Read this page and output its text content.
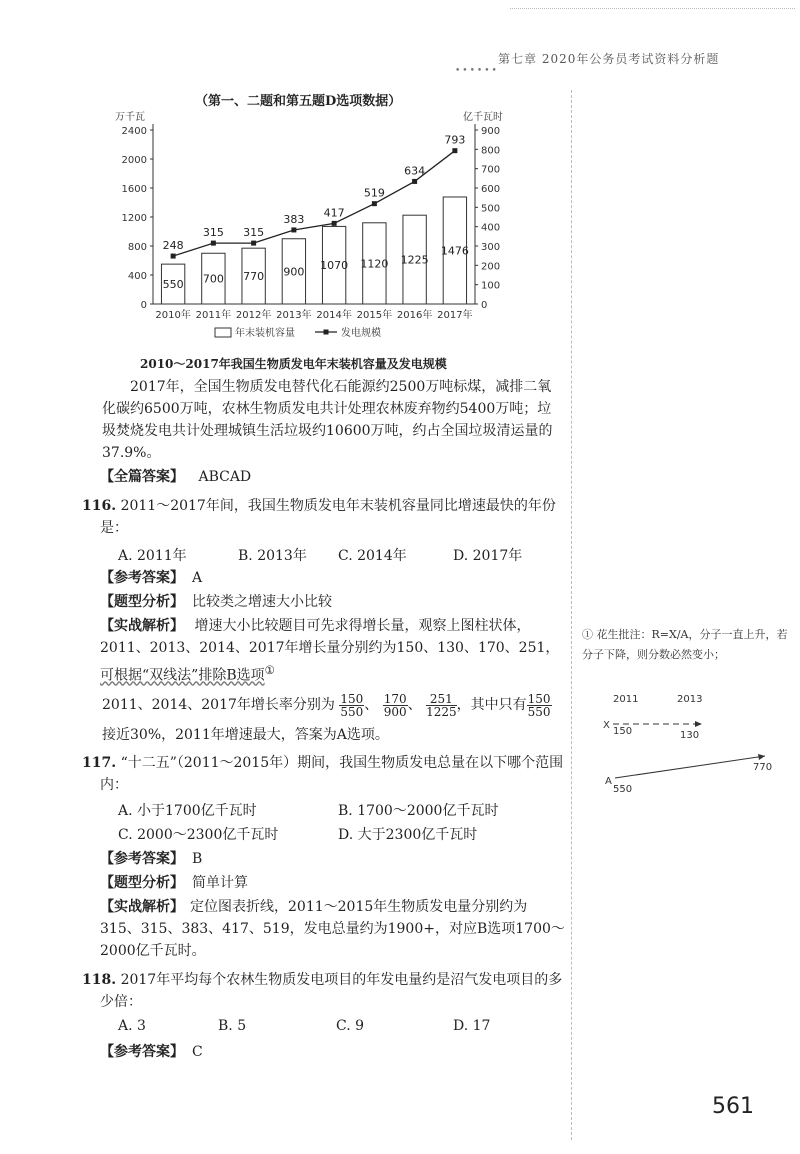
第七章 2020年公务员考试资料分析题
••••••
（第一、二题和第五题D选项数据）
万千瓦	亿千瓦时
0
400
800
1200
1600
2000
2400
0
100
200
300
400
500
600
700
800
900
550 700 770 900 1070 1120 1225
1476
248
315 315
383
417
519
634
793
2010年 2011年 2012年 2013年 2014年 2015年 2016年 2017年
年末装机容量	发电规模
2010～2017年我国生物质发电年末装机容量及发电规模

2017年，全国生物质发电替代化石能源约2500万吨标煤，减排二氧化碳约6500万吨，农林生物质发电共计处理农林废弃物约5400万吨；垃圾焚烧发电共计处理城镇生活垃圾约10600万吨，约占全国垃圾清运量的37.9%。

【全篇答案】 ABCAD
116. 2011～2017年间，我国生物质发电年末装机容量同比增速最快的年份是：
A. 2011年	B. 2013年 C. 2014年	D. 2017年
【参考答案】 A
【题型分析】 比较类之增速大小比较
【实战解析】 增速大小比较题目可先求得增长量，观察上图柱状体，2011、2013、2014、2017年增长量分别约为150、130、170、251，可根据“双线法”排除B选项①
2011、2014、2017年增长率分别为 $\frac{150}{550}$ 、 $\frac{170}{900}$ 、 $\frac{251}{1225}$ ，其中只有 $\frac{150}{550}$
接近30%，2011年增速最大，答案为A选项。
117. “十二五”（2011～2015年）期间，我国生物质发电总量在以下哪个范围内：
A. 小于1700亿千瓦时	B. 1700～2000亿千瓦时
C. 2000～2300亿千瓦时	D. 大于2300亿千瓦时
【参考答案】 B
【题型分析】 简单计算
【实战解析】 定位图表折线，2011～2015年生物质发电量分别约为315、315、383、417、519，发电总量约为1900+，对应B选项1700～2000亿千瓦时。
118. 2017年平均每个农林生物质发电项目的年发电量约是沼气发电项目的多少倍：
A. 3	B. 5	C. 9	D. 17
【参考答案】 C
① 花生批注：R=X/A，分子一直上升，若分子下降，则分数必然变小；
2011	2013
X
150	130
A
550
770
561
